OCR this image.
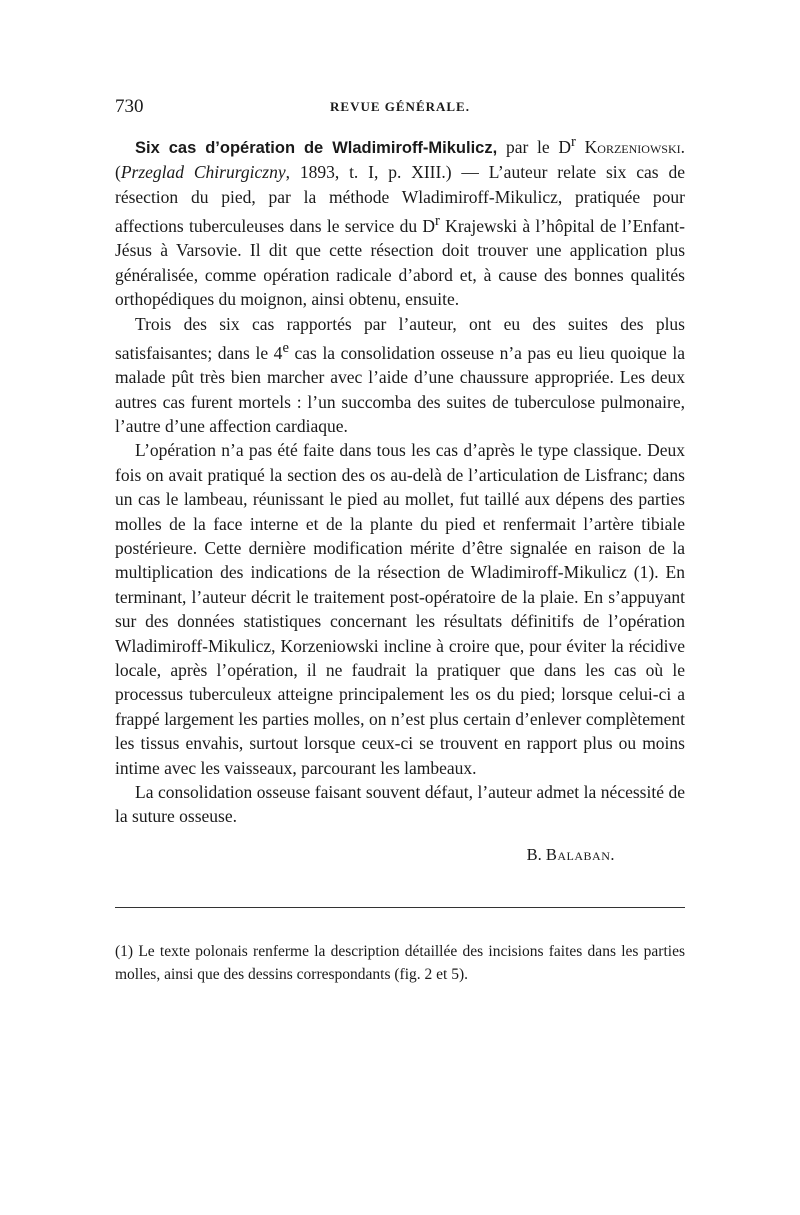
730	REVUE GÉNÉRALE.

Six cas d’opération de Wladimiroff-Mikulicz, par le $D^r$ Korzeniowski. (Przeglad Chirurgiczny, 1893, t. I, p. XIII.) — L’auteur relate six cas de résection du pied, par la méthode Wladimiroff-Mikulicz, pratiquée pour affections tuberculeuses dans le service du $D^r$ Krajewski à l’hôpital de l’Enfant-Jésus à Varsovie. Il dit que cette résection doit trouver une application plus généralisée, comme opération radicale d’abord et, à cause des bonnes qualités orthopédiques du moignon, ainsi obtenu, ensuite.

Trois des six cas rapportés par l’auteur, ont eu des suites des plus satisfaisantes; dans le 4e cas la consolidation osseuse n’a pas eu lieu quoique la malade pût très bien marcher avec l’aide d’une chaussure appropriée. Les deux autres cas furent mortels : l’un succomba des suites de tuberculose pulmonaire, l’autre d’une affection cardiaque.

L’opération n’a pas été faite dans tous les cas d’après le type classique. Deux fois on avait pratiqué la section des os au-delà de l’articulation de Lisfranc; dans un cas le lambeau, réunissant le pied au mollet, fut taillé aux dépens des parties molles de la face interne et de la plante du pied et renfermait l’artère tibiale postérieure. Cette dernière modification mérite d’être signalée en raison de la multiplication des indications de la résection de Wladimiroff-Mikulicz (1). En terminant, l’auteur décrit le traitement post-opératoire de la plaie. En s’appuyant sur des données statistiques concernant les résultats définitifs de l’opération Wladimiroff-Mikulicz, Korzeniowski incline à croire que, pour éviter la récidive locale, après l’opération, il ne faudrait la pratiquer que dans les cas où le processus tuberculeux atteigne principalement les os du pied; lorsque celui-ci a frappé largement les parties molles, on n’est plus certain d’enlever complètement les tissus envahis, surtout lorsque ceux-ci se trouvent en rapport plus ou moins intime avec les vaisseaux, parcourant les lambeaux.

La consolidation osseuse faisant souvent défaut, l’auteur admet la nécessité de la suture osseuse.

B. Balaban.

(1) Le texte polonais renferme la description détaillée des incisions faites dans les parties molles, ainsi que des dessins correspondants (fig. 2 et 5).
